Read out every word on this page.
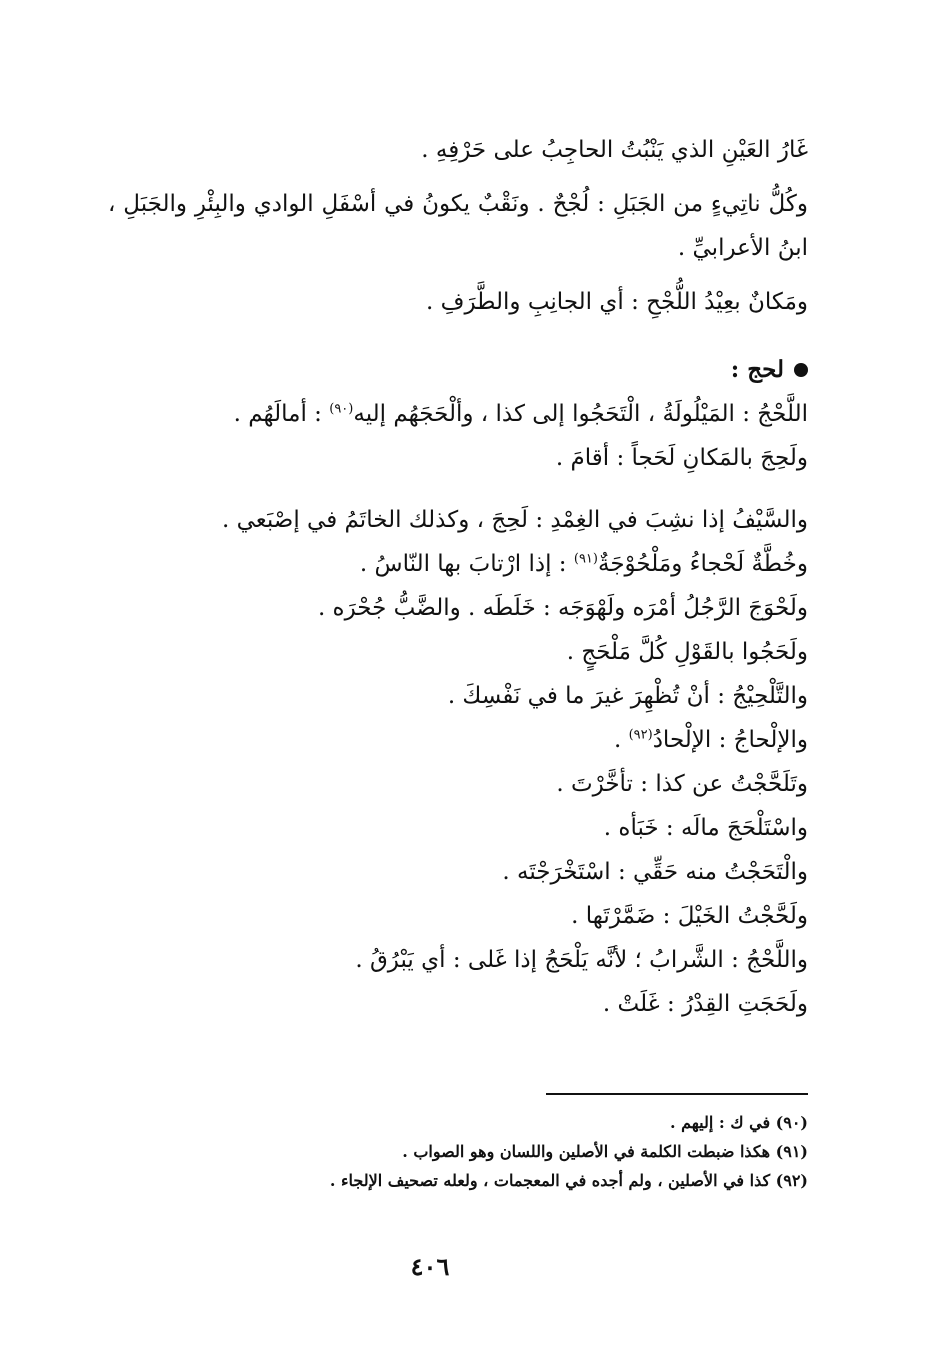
غَارُ العَيْنِ الذي يَنْبُتُ الحاجِبُ على حَرْفِهِ .

وكُلُّ ناتِيءٍ من الجَبَلِ : لُجْحٌ . ونَقْبٌ يكونُ في أسْفَلِ الوادي والبِئْرِ والجَبَلِ ، ابنُ الأعرابيِّ .

ومَكانٌ بعِيْدُ اللُّجْحِ : أي الجانِبِ والطَّرَفِ .

لحج :

اللَّحْجُ : المَيْلُولَةُ ، الْتَحَجُوا إلى كذا ، وألْحَجَهُم إليه$^{(٩٠)}$ : أمالَهُم .

ولَحِجَ بالمَكانِ لَحَجاً : أقامَ .

والسَّيْفُ إذا نشِبَ في الغِمْدِ : لَحِجَ ، وكذلك الخاتَمُ في إصْبَعي .
وخُطَّةٌ لَحْجاءُ ومَلْحُوْجَةٌ$^{(٩١)}$ : إذا ارْتابَ بها النّاسُ .
ولَحْوَجَ الرَّجُلُ أمْرَه ولَهْوَجَه : خَلَطَه . والضَّبُّ جُحْرَه .
ولَحَجُوا بالقَوْلِ كُلَّ مَلْحَجٍ .
والتَّلْحِيْجُ : أنْ تُظْهِرَ غيرَ ما في نَفْسِكَ .
والإلْحاجُ : الإلْحادُ$^{(٩٢)}$ .
وتَلَحَّجْتُ عن كذا : تأخَّرْتَ .
واسْتَلْحَجَ مالَه : خَبَأه .
والْتَحَجْتُ منه حَقِّي : اسْتَخْرَجْتَه .
ولَحَّجْتُ الخَيْلَ : ضَمَّرْتَها .
واللَّحْجُ : الشَّرابُ ؛ لأنَّه يَلْحَجُ إذا غَلى : أي يَبْرُقُ .
ولَحَجَتِ القِدْرُ : غَلَتْ .
(٩٠) في ك : إليهم .
(٩١) هكذا ضبطت الكلمة في الأصلين واللسان وهو الصواب .
(٩٢) كذا في الأصلين ، ولم أجده في المعجمات ، ولعله تصحيف الإلجاء .
٤٠٦
